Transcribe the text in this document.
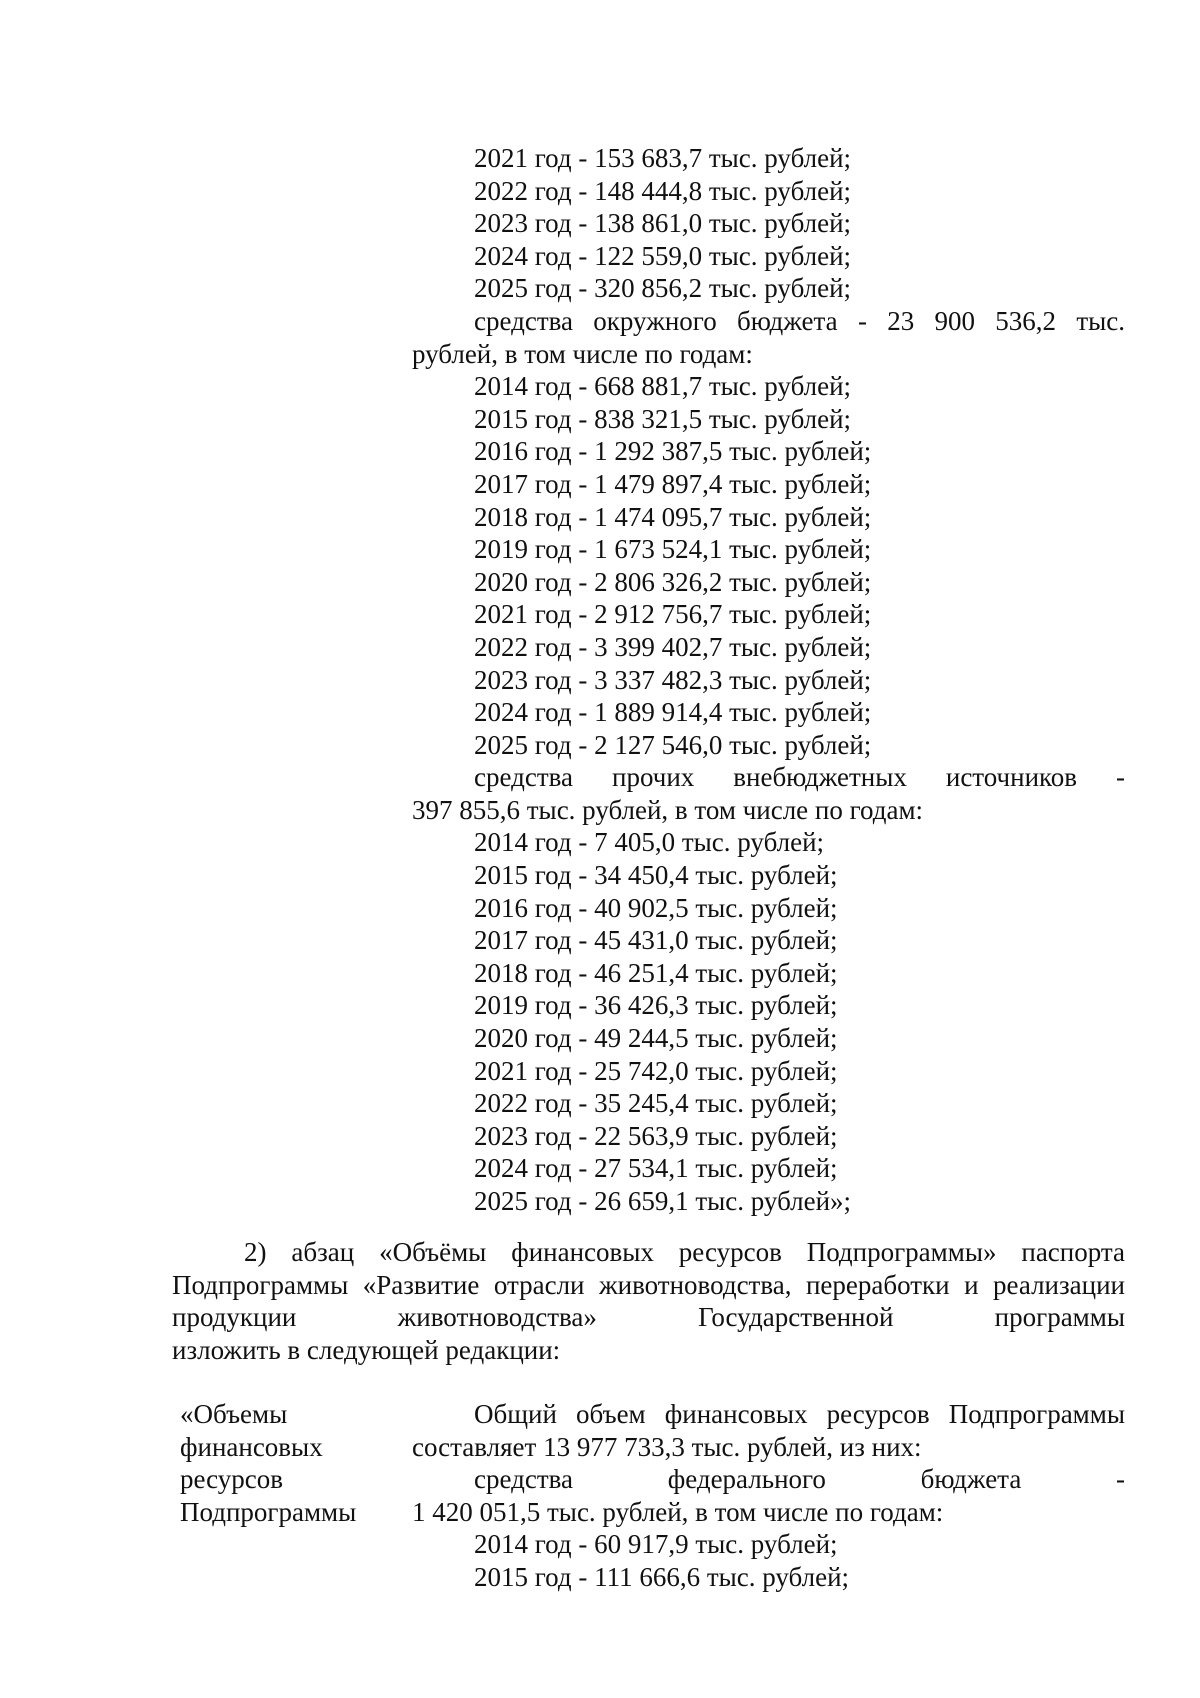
2021 год - 153 683,7 тыс. рублей;
2022 год - 148 444,8 тыс. рублей;
2023 год - 138 861,0 тыс. рублей;
2024 год - 122 559,0 тыс. рублей;
2025 год - 320 856,2 тыс. рублей;
средства окружного бюджета - 23 900 536,2 тыс.
рублей, в том числе по годам:
2014 год - 668 881,7 тыс. рублей;
2015 год - 838 321,5 тыс. рублей;
2016 год - 1 292 387,5 тыс. рублей;
2017 год - 1 479 897,4 тыс. рублей;
2018 год - 1 474 095,7 тыс. рублей;
2019 год - 1 673 524,1 тыс. рублей;
2020 год - 2 806 326,2 тыс. рублей;
2021 год - 2 912 756,7 тыс. рублей;
2022 год - 3 399 402,7 тыс. рублей;
2023 год - 3 337 482,3 тыс. рублей;
2024 год - 1 889 914,4 тыс. рублей;
2025 год - 2 127 546,0 тыс. рублей;
средства прочих внебюджетных источников -
397 855,6 тыс. рублей, в том числе по годам:
2014 год - 7 405,0 тыс. рублей;
2015 год - 34 450,4 тыс. рублей;
2016 год - 40 902,5 тыс. рублей;
2017 год - 45 431,0 тыс. рублей;
2018 год - 46 251,4 тыс. рублей;
2019 год - 36 426,3 тыс. рублей;
2020 год - 49 244,5 тыс. рублей;
2021 год - 25 742,0 тыс. рублей;
2022 год - 35 245,4 тыс. рублей;
2023 год - 22 563,9 тыс. рублей;
2024 год - 27 534,1 тыс. рублей;
2025 год - 26 659,1 тыс. рублей»;
2) абзац «Объёмы финансовых ресурсов Подпрограммы» паспорта Подпрограммы «Развитие отрасли животноводства, переработки и реализации продукции животноводства» Государственной программы
изложить в следующей редакции:
«Объемы
финансовых
ресурсов
Подпрограммы
Общий объем финансовых ресурсов Подпрограммы
составляет 13 977 733,3 тыс. рублей, из них:
средства федерального бюджета -
1 420 051,5 тыс. рублей, в том числе по годам:
2014 год - 60 917,9 тыс. рублей;
2015 год - 111 666,6 тыс. рублей;
